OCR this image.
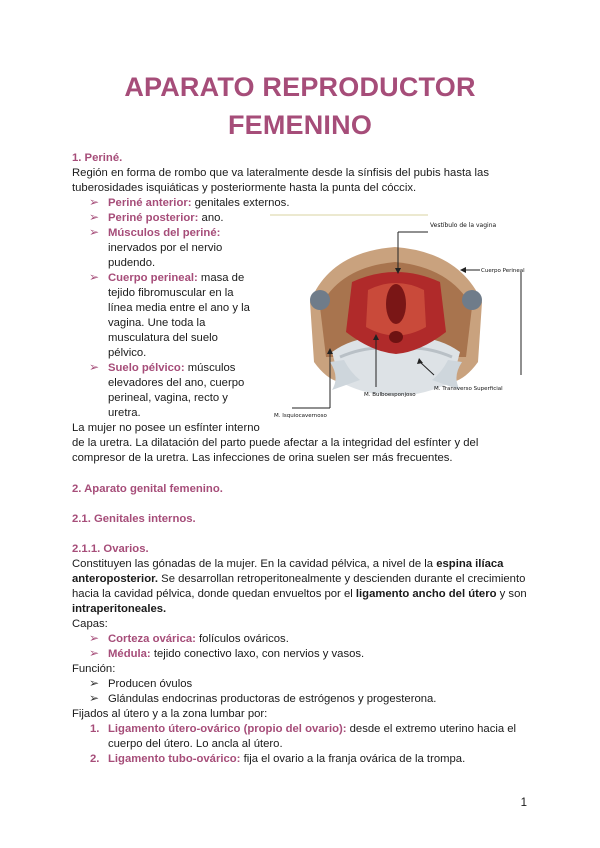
APARATO REPRODUCTOR
FEMENINO
1. Periné.
Región en forma de rombo que va lateralmente desde la sínfisis del pubis hasta las
tuberosidades isquiáticas y posteriormente hasta la punta del cóccix.
➢ Periné anterior: genitales externos.
➢ Periné posterior: ano.
➢ Músculos del periné:
inervados por el nervio
pudendo.
➢ Cuerpo perineal: masa de
tejido fibromuscular en la
línea media entre el ano y la
vagina. Une toda la
musculatura del suelo
pélvico.
➢ Suelo pélvico: músculos
elevadores del ano, cuerpo
perineal, vagina, recto y
uretra.
La mujer no posee un esfínter interno
de la uretra. La dilatación del parto puede afectar a la integridad del esfínter y del
compresor de la uretra. Las infecciones de orina suelen ser más frecuentes.
Vestíbulo de la vagina
Cuerpo Perineal
M. Transverso Superficial
M. Bulboesponjoso
M. Isquiocavernoso
2. Aparato genital femenino.
2.1. Genitales internos.
2.1.1. Ovarios.
Constituyen las gónadas de la mujer. En la cavidad pélvica, a nivel de la espina ilíaca
anteroposterior. Se desarrollan retroperitonealmente y descienden durante el crecimiento
hacia la cavidad pélvica, donde quedan envueltos por el ligamento ancho del útero y son
intraperitoneales.
Capas:
➢ Corteza ovárica: folículos ováricos.
➢ Médula: tejido conectivo laxo, con nervios y vasos.
Función:
➢ Producen óvulos
➢ Glándulas endocrinas productoras de estrógenos y progesterona.
Fijados al útero y a la zona lumbar por:
1. Ligamento útero-ovárico (propio del ovario): desde el extremo uterino hacia el
cuerpo del útero. Lo ancla al útero.
2. Ligamento tubo-ovárico: fija el ovario a la franja ovárica de la trompa.
1
